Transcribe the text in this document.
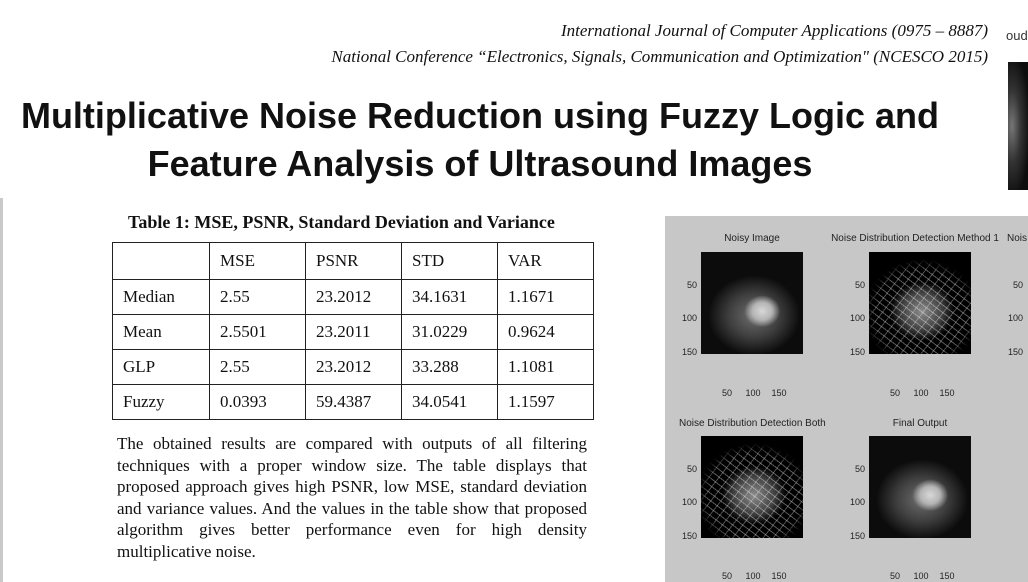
International Journal of Computer Applications (0975 – 8887)
National Conference “Electronics, Signals, Communication and Optimization" (NCESCO 2015)
oud
Multiplicative Noise Reduction using Fuzzy Logic and
Feature Analysis of Ultrasound Images
Table 1: MSE, PSNR, Standard Deviation and Variance
	MSE	PSNR	STD	VAR
Median	2.55	23.2012	34.1631	1.1671
Mean	2.5501	23.2011	31.0229	0.9624
GLP	2.55	23.2012	33.288	1.1081
Fuzzy	0.0393	59.4387	34.0541	1.1597
The obtained results are compared with outputs of all filtering techniques with a proper window size. The table displays that proposed approach gives high PSNR, low MSE, standard deviation and variance values. And the values in the table show that proposed algorithm gives better performance even for high density multiplicative noise.
Noisy Image
50
100
150
50	100	150
Noise Distribution Detection Method 1
50
100
150
50	100	150
Nois
50
100
150
Noise Distribution Detection Both
50
100
150
50	100	150
Final Output
50
100
150
50	100	150
